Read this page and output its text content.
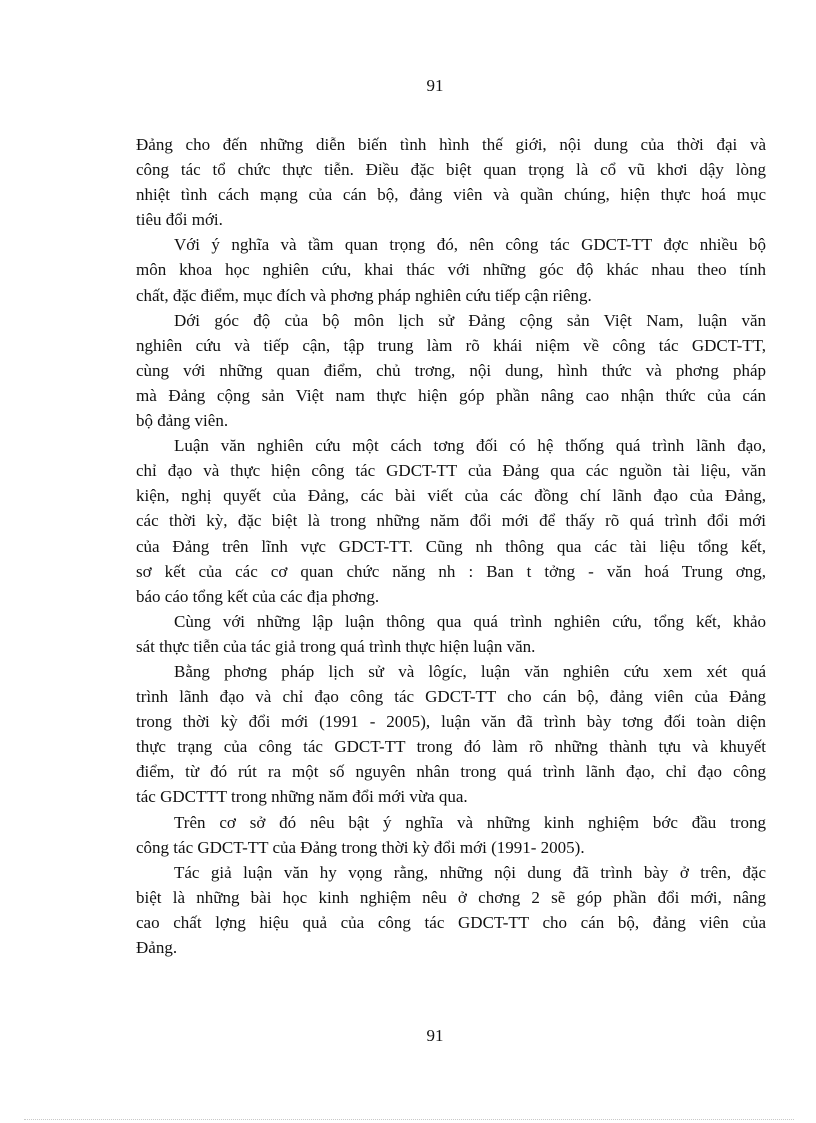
91
Đảng cho đến những diễn biến tình hình thế giới, nội dung của thời đại và
công tác tổ chức thực tiễn. Điều đặc biệt quan trọng là cổ vũ khơi dậy lòng
nhiệt tình cách mạng của cán bộ, đảng viên và quần chúng, hiện thực hoá mục
tiêu đổi mới.
Với ý nghĩa và tầm quan trọng đó, nên công tác GDCT-TT đợc nhiều bộ
môn khoa học nghiên cứu, khai thác với những góc độ khác nhau theo tính
chất, đặc điểm, mục đích và phơng pháp nghiên cứu tiếp cận riêng.
Dới góc độ của bộ môn lịch sử Đảng cộng sản Việt Nam, luận văn
nghiên cứu và tiếp cận, tập trung làm rõ khái niệm về công tác GDCT-TT,
cùng với những quan điểm, chủ trơng, nội dung, hình thức và phơng pháp
mà Đảng cộng sản Việt nam thực hiện góp phần nâng cao nhận thức của cán
bộ đảng viên.
Luận văn nghiên cứu một cách tơng đối có hệ thống quá trình lãnh đạo,
chỉ đạo và thực hiện công tác GDCT-TT của Đảng qua các nguồn tài liệu, văn
kiện, nghị quyết của Đảng, các bài viết của các đồng chí lãnh đạo của Đảng,
các thời kỳ, đặc biệt là trong những năm đổi mới để thấy rõ quá trình đổi mới
của Đảng trên lĩnh vực GDCT-TT. Cũng nh thông qua các tài liệu tổng kết,
sơ kết của các cơ quan chức năng nh : Ban t tởng - văn hoá Trung ơng,
báo cáo tổng kết của các địa phơng.
Cùng với những lập luận thông qua quá trình nghiên cứu, tổng kết, khảo
sát thực tiễn của tác giả trong quá trình thực hiện luận văn.
Bằng phơng pháp lịch sử và lôgíc, luận văn nghiên cứu xem xét quá
trình lãnh đạo và chỉ đạo công tác GDCT-TT cho cán bộ, đảng viên của Đảng
trong thời kỳ đổi mới (1991 - 2005), luận văn đã trình bày tơng đối toàn diện
thực trạng của công tác GDCT-TT trong đó làm rõ những thành tựu và khuyết
điểm, từ đó rút ra một số nguyên nhân trong quá trình lãnh đạo, chỉ đạo công
tác GDCTTT trong những năm đổi mới vừa qua.
Trên cơ sở đó nêu bật ý nghĩa và những kinh nghiệm bớc đầu trong
công tác GDCT-TT của Đảng trong thời kỳ đổi mới (1991- 2005).
Tác giả luận văn hy vọng rằng, những nội dung đã trình bày ở trên, đặc
biệt là những bài học kinh nghiệm nêu ở chơng 2 sẽ góp phần đổi mới, nâng
cao chất lợng hiệu quả của công tác GDCT-TT cho cán bộ, đảng viên của
Đảng.
91
